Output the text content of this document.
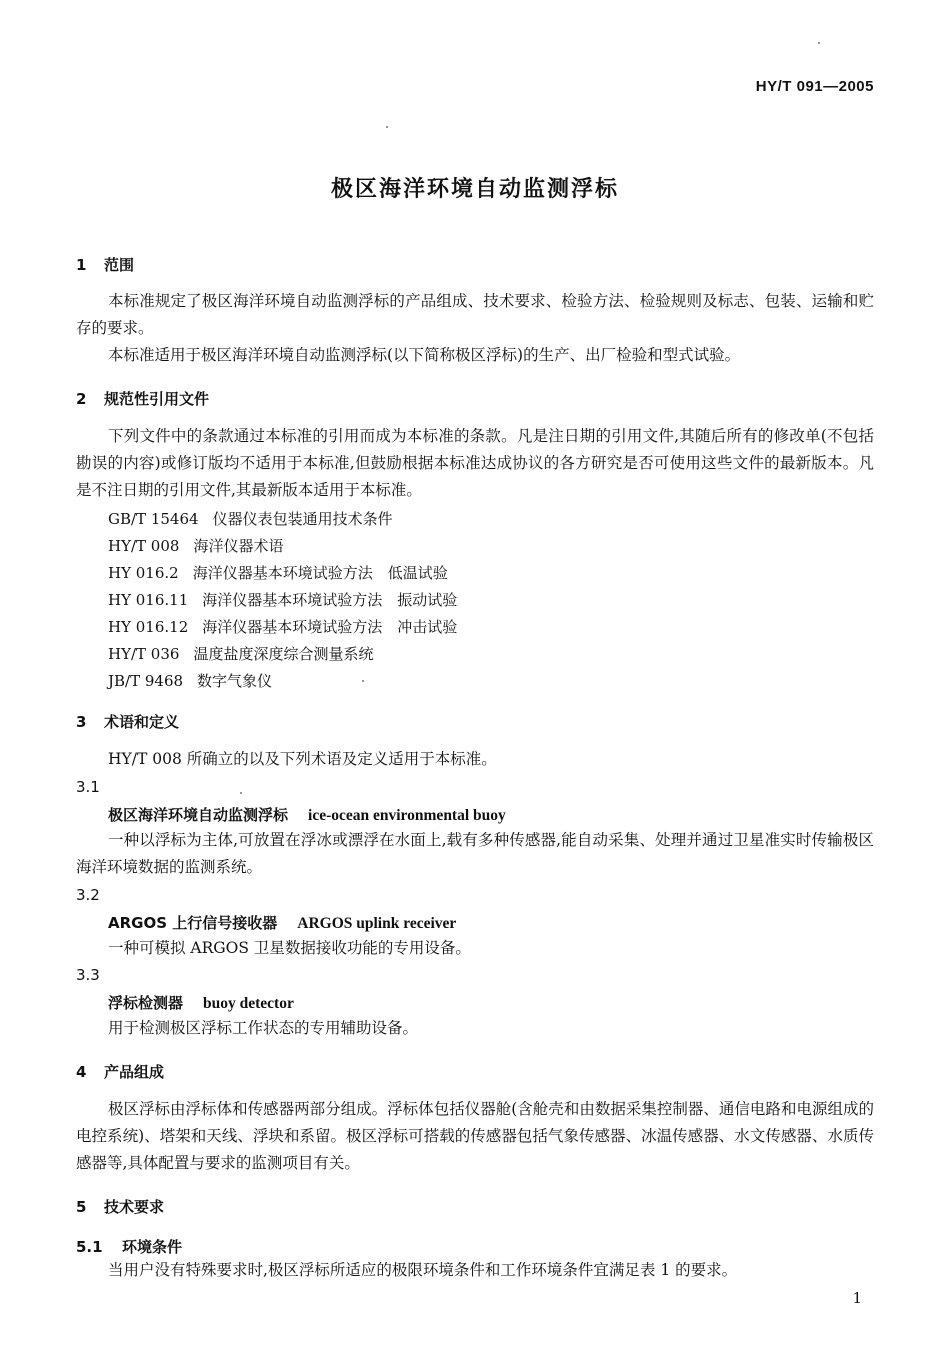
HY/T 091—2005
极区海洋环境自动监测浮标
1 范围
本标准规定了极区海洋环境自动监测浮标的产品组成、技术要求、检验方法、检验规则及标志、包装、运输和贮存的要求。
本标准适用于极区海洋环境自动监测浮标(以下简称极区浮标)的生产、出厂检验和型式试验。
2 规范性引用文件
下列文件中的条款通过本标准的引用而成为本标准的条款。凡是注日期的引用文件,其随后所有的修改单(不包括勘误的内容)或修订版均不适用于本标准,但鼓励根据本标准达成协议的各方研究是否可使用这些文件的最新版本。凡是不注日期的引用文件,其最新版本适用于本标准。
GB/T 15464 仪器仪表包装通用技术条件
HY/T 008 海洋仪器术语
HY 016.2 海洋仪器基本环境试验方法　低温试验
HY 016.11 海洋仪器基本环境试验方法　振动试验
HY 016.12 海洋仪器基本环境试验方法　冲击试验
HY/T 036 温度盐度深度综合测量系统
JB/T 9468 数字气象仪
3 术语和定义
HY/T 008 所确立的以及下列术语及定义适用于本标准。
3.1
极区海洋环境自动监测浮标 ice-ocean environmental buoy
一种以浮标为主体,可放置在浮冰或漂浮在水面上,载有多种传感器,能自动采集、处理并通过卫星准实时传输极区海洋环境数据的监测系统。
3.2
ARGOS 上行信号接收器 ARGOS uplink receiver
一种可模拟 ARGOS 卫星数据接收功能的专用设备。
3.3
浮标检测器 buoy detector
用于检测极区浮标工作状态的专用辅助设备。
4 产品组成
极区浮标由浮标体和传感器两部分组成。浮标体包括仪器舱(含舱壳和由数据采集控制器、通信电路和电源组成的电控系统)、塔架和天线、浮块和系留。极区浮标可搭载的传感器包括气象传感器、冰温传感器、水文传感器、水质传感器等,具体配置与要求的监测项目有关。
5 技术要求
5.1 环境条件
当用户没有特殊要求时,极区浮标所适应的极限环境条件和工作环境条件宜满足表 1 的要求。
1
